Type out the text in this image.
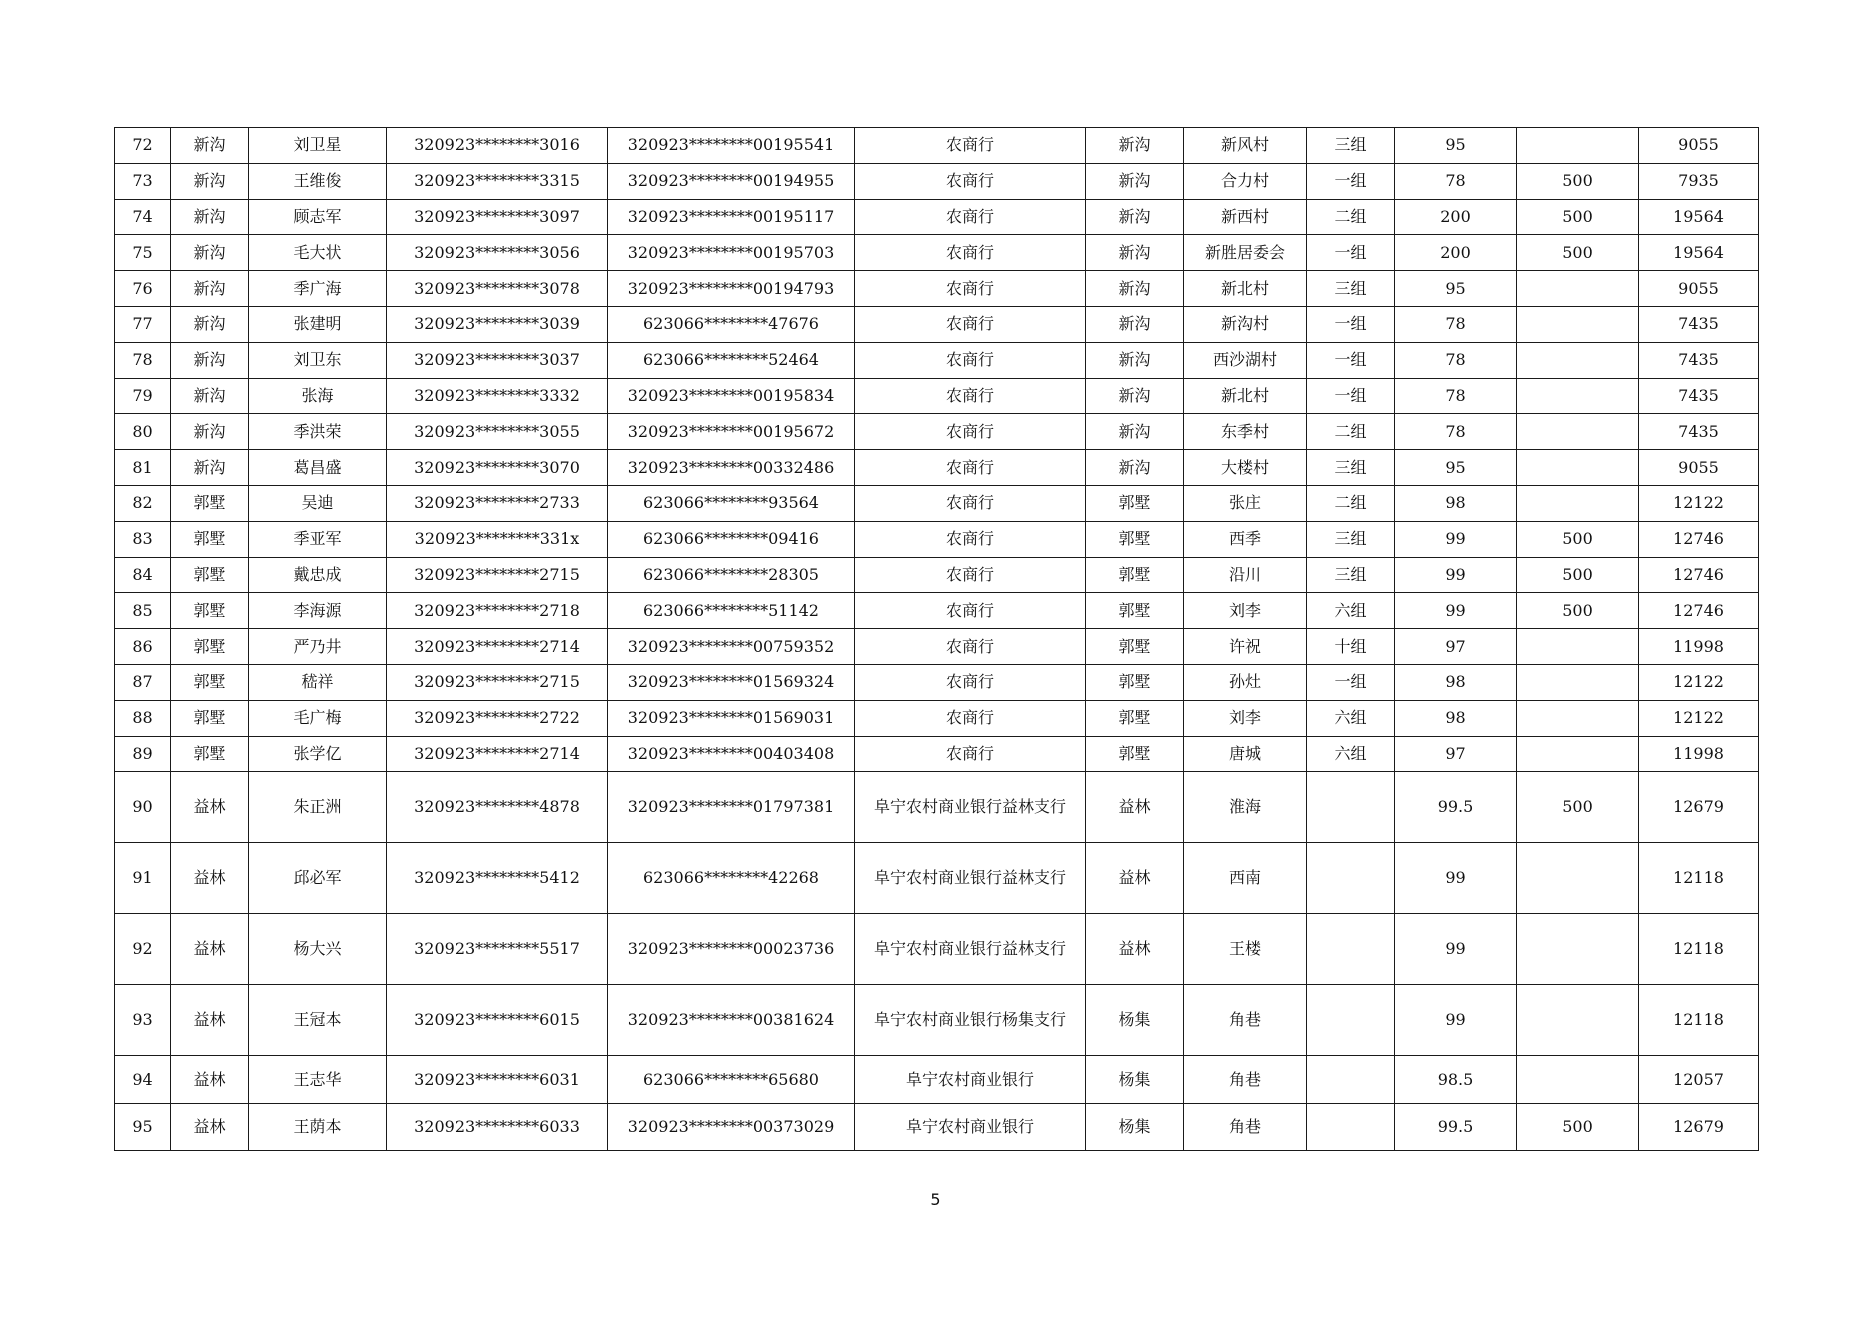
72	新沟	刘卫星	320923********3016	320923********00195541	农商行	新沟	新风村	三组	95		9055
73	新沟	王维俊	320923********3315	320923********00194955	农商行	新沟	合力村	一组	78	500	7935
74	新沟	顾志军	320923********3097	320923********00195117	农商行	新沟	新西村	二组	200	500	19564
75	新沟	毛大状	320923********3056	320923********00195703	农商行	新沟	新胜居委会	一组	200	500	19564
76	新沟	季广海	320923********3078	320923********00194793	农商行	新沟	新北村	三组	95		9055
77	新沟	张建明	320923********3039	623066********47676	农商行	新沟	新沟村	一组	78		7435
78	新沟	刘卫东	320923********3037	623066********52464	农商行	新沟	西沙湖村	一组	78		7435
79	新沟	张海	320923********3332	320923********00195834	农商行	新沟	新北村	一组	78		7435
80	新沟	季洪荣	320923********3055	320923********00195672	农商行	新沟	东季村	二组	78		7435
81	新沟	葛昌盛	320923********3070	320923********00332486	农商行	新沟	大楼村	三组	95		9055
82	郭墅	吴迪	320923********2733	623066********93564	农商行	郭墅	张庄	二组	98		12122
83	郭墅	季亚军	320923********331x	623066********09416	农商行	郭墅	西季	三组	99	500	12746
84	郭墅	戴忠成	320923********2715	623066********28305	农商行	郭墅	沿川	三组	99	500	12746
85	郭墅	李海源	320923********2718	623066********51142	农商行	郭墅	刘李	六组	99	500	12746
86	郭墅	严乃井	320923********2714	320923********00759352	农商行	郭墅	许祝	十组	97		11998
87	郭墅	嵇祥	320923********2715	320923********01569324	农商行	郭墅	孙灶	一组	98		12122
88	郭墅	毛广梅	320923********2722	320923********01569031	农商行	郭墅	刘李	六组	98		12122
89	郭墅	张学亿	320923********2714	320923********00403408	农商行	郭墅	唐城	六组	97		11998
90	益林	朱正洲	320923********4878	320923********01797381	阜宁农村商业银行益林支行	益林	淮海		99.5	500	12679
91	益林	邱必军	320923********5412	623066********42268	阜宁农村商业银行益林支行	益林	西南		99		12118
92	益林	杨大兴	320923********5517	320923********00023736	阜宁农村商业银行益林支行	益林	王楼		99		12118
93	益林	王冠本	320923********6015	320923********00381624	阜宁农村商业银行杨集支行	杨集	角巷		99		12118
94	益林	王志华	320923********6031	623066********65680	阜宁农村商业银行	杨集	角巷		98.5		12057
95	益林	王荫本	320923********6033	320923********00373029	阜宁农村商业银行	杨集	角巷		99.5	500	12679
5
